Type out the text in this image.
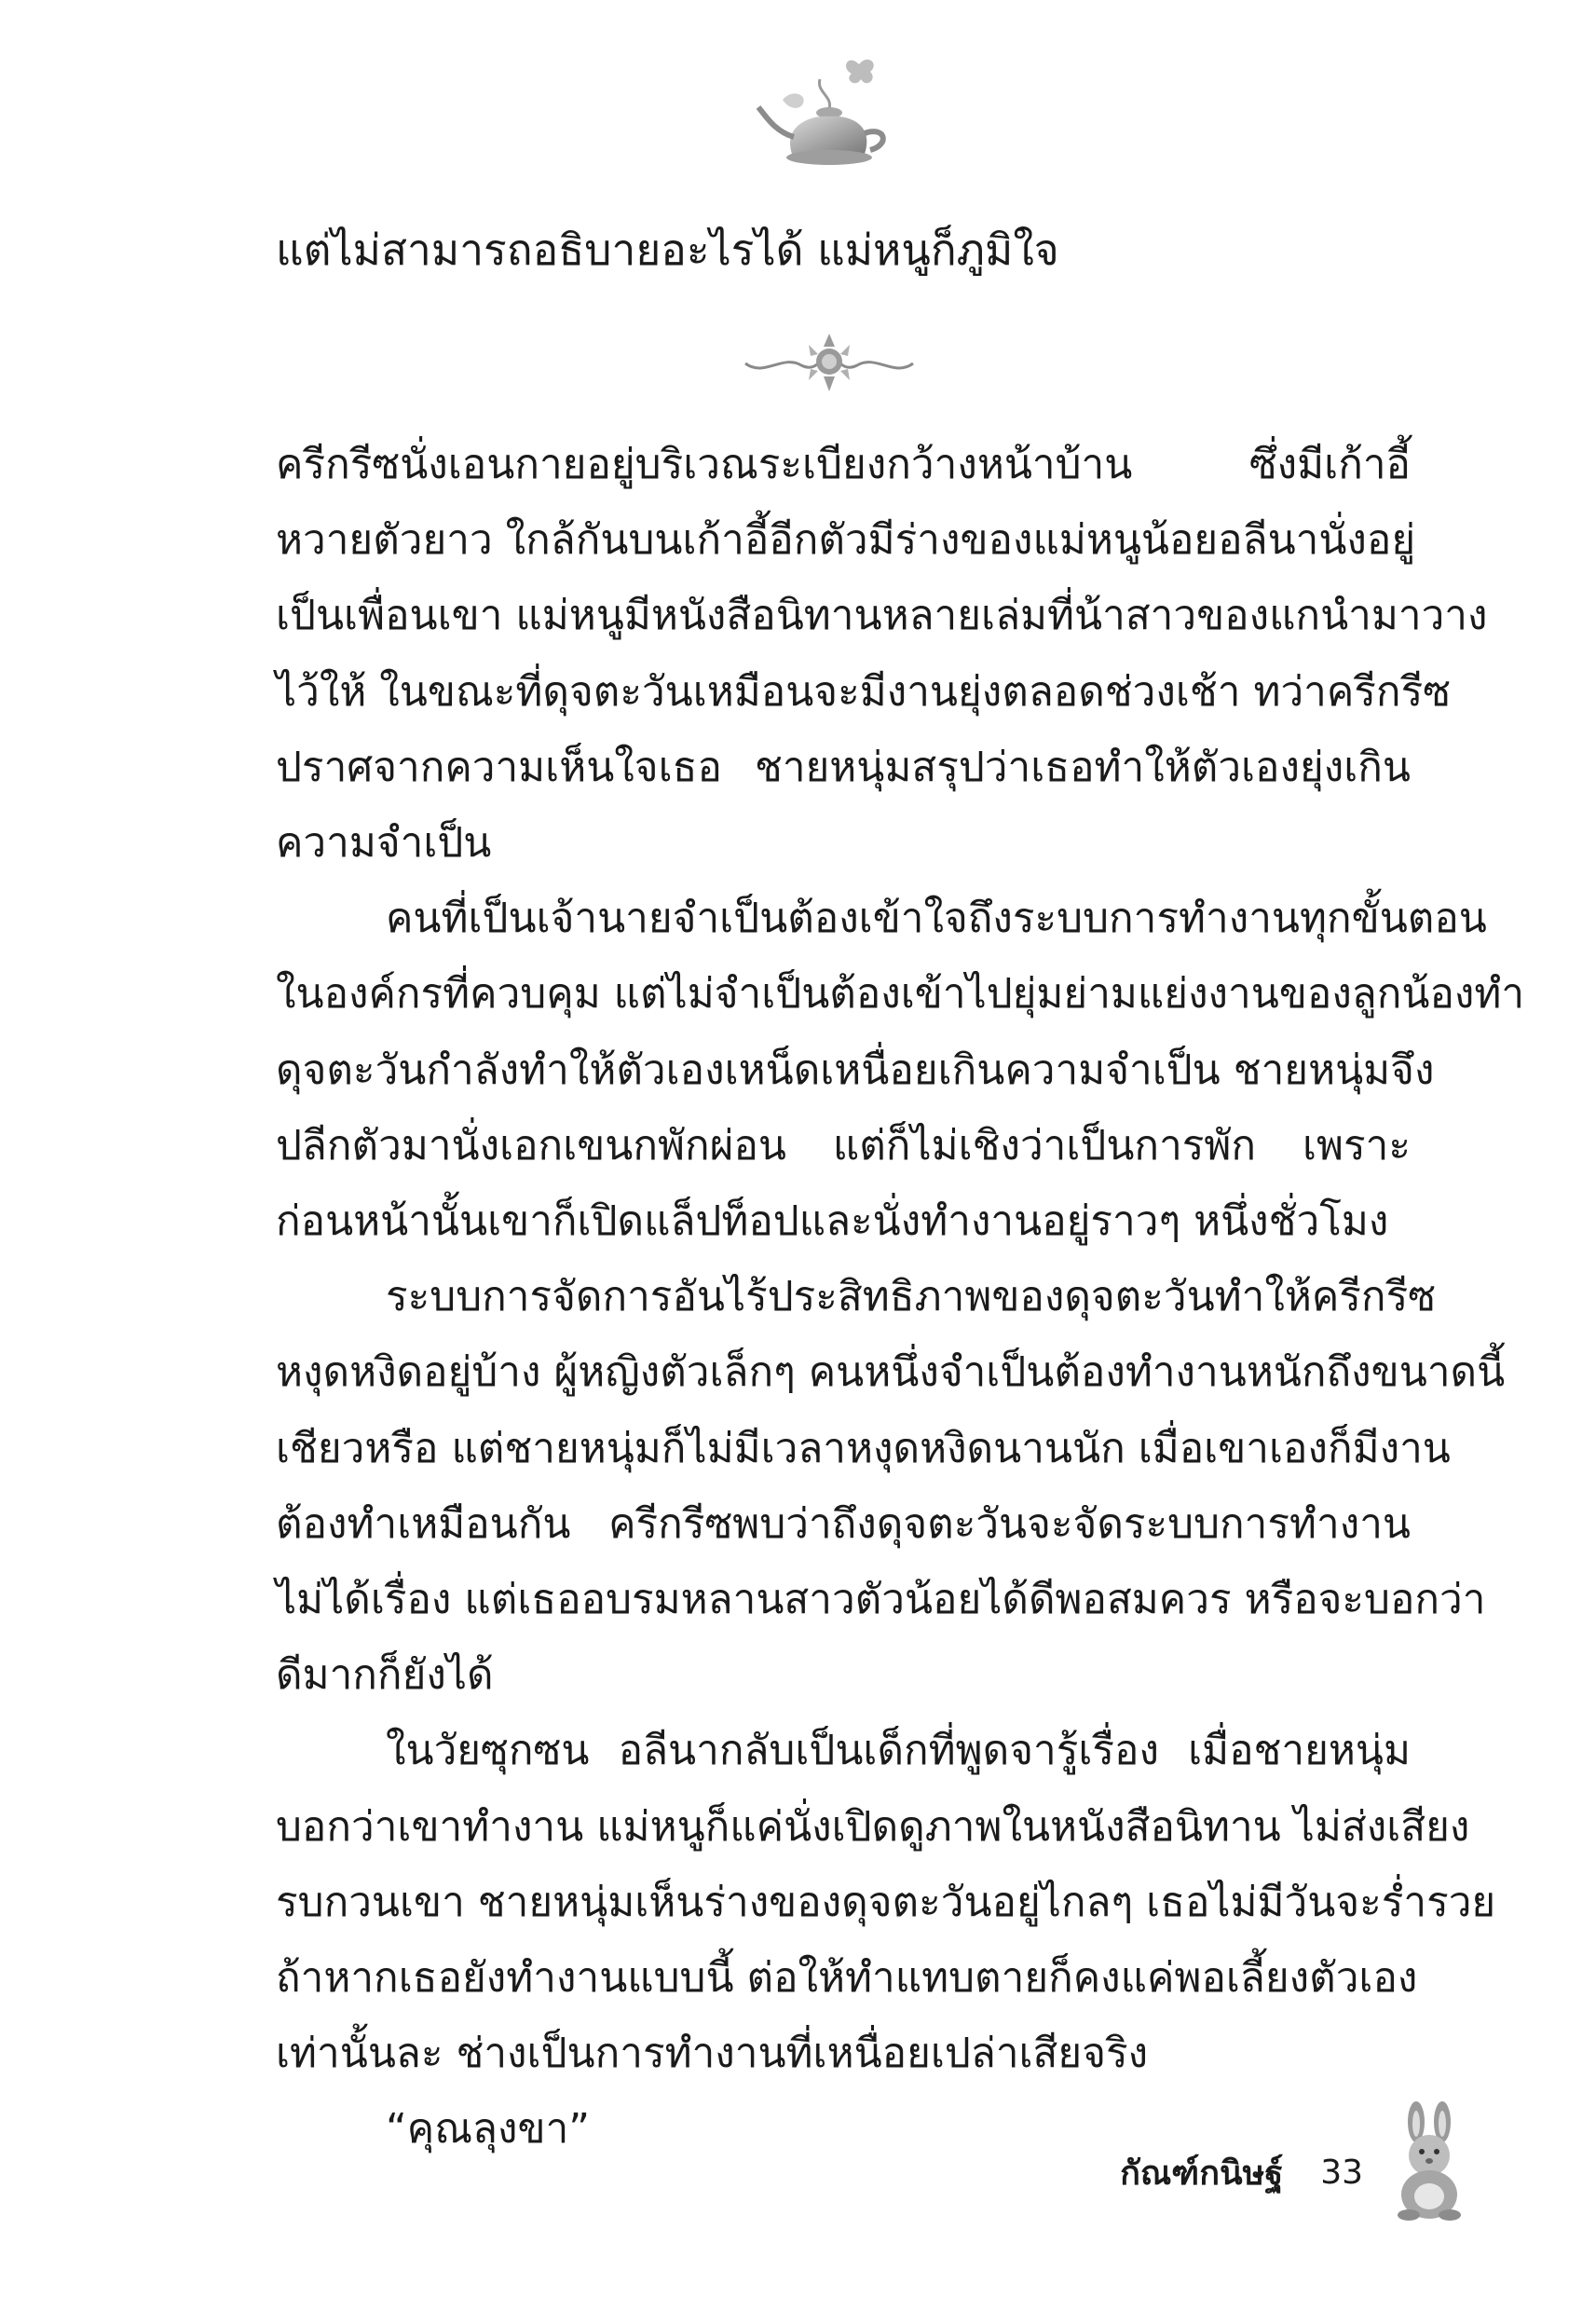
แต่ไม่สามารถอธิบายอะไรได้ แม่หนูก็ภูมิใจ
ครีกรีซนั่งเอนกายอยู่บริเวณระเบียงกว้างหน้าบ้าน ซึ่งมีเก้าอี้
หวายตัวยาว ใกล้กันบนเก้าอี้อีกตัวมีร่างของแม่หนูน้อยอลีนานั่งอยู่
เป็นเพื่อนเขา แม่หนูมีหนังสือนิทานหลายเล่มที่น้าสาวของแกนำมาวาง
ไว้ให้ ในขณะที่ดุจตะวันเหมือนจะมีงานยุ่งตลอดช่วงเช้า ทว่าครีกรีซ
ปราศจากความเห็นใจเธอ ชายหนุ่มสรุปว่าเธอทำให้ตัวเองยุ่งเกิน
ความจำเป็น
คนที่เป็นเจ้านายจำเป็นต้องเข้าใจถึงระบบการทำงานทุกขั้นตอน
ในองค์กรที่ควบคุม แต่ไม่จำเป็นต้องเข้าไปยุ่มย่ามแย่งงานของลูกน้องทำ
ดุจตะวันกำลังทำให้ตัวเองเหน็ดเหนื่อยเกินความจำเป็น ชายหนุ่มจึง
ปลีกตัวมานั่งเอกเขนกพักผ่อน แต่ก็ไม่เชิงว่าเป็นการพัก เพราะ
ก่อนหน้านั้นเขาก็เปิดแล็ปท็อปและนั่งทำงานอยู่ราวๆ หนึ่งชั่วโมง
ระบบการจัดการอันไร้ประสิทธิภาพของดุจตะวันทำให้ครีกรีซ
หงุดหงิดอยู่บ้าง ผู้หญิงตัวเล็กๆ คนหนึ่งจำเป็นต้องทำงานหนักถึงขนาดนี้
เชียวหรือ แต่ชายหนุ่มก็ไม่มีเวลาหงุดหงิดนานนัก เมื่อเขาเองก็มีงาน
ต้องทำเหมือนกัน ครีกรีซพบว่าถึงดุจตะวันจะจัดระบบการทำงาน
ไม่ได้เรื่อง แต่เธออบรมหลานสาวตัวน้อยได้ดีพอสมควร หรือจะบอกว่า
ดีมากก็ยังได้
ในวัยซุกซน อลีนากลับเป็นเด็กที่พูดจารู้เรื่อง เมื่อชายหนุ่ม
บอกว่าเขาทำงาน แม่หนูก็แค่นั่งเปิดดูภาพในหนังสือนิทาน ไม่ส่งเสียง
รบกวนเขา ชายหนุ่มเห็นร่างของดุจตะวันอยู่ไกลๆ เธอไม่มีวันจะร่ำรวย
ถ้าหากเธอยังทำงานแบบนี้ ต่อให้ทำแทบตายก็คงแค่พอเลี้ยงตัวเอง
เท่านั้นละ ช่างเป็นการทำงานที่เหนื่อยเปล่าเสียจริง
“คุณลุงขา”
กัณฑ์กนิษฐ์ 33
